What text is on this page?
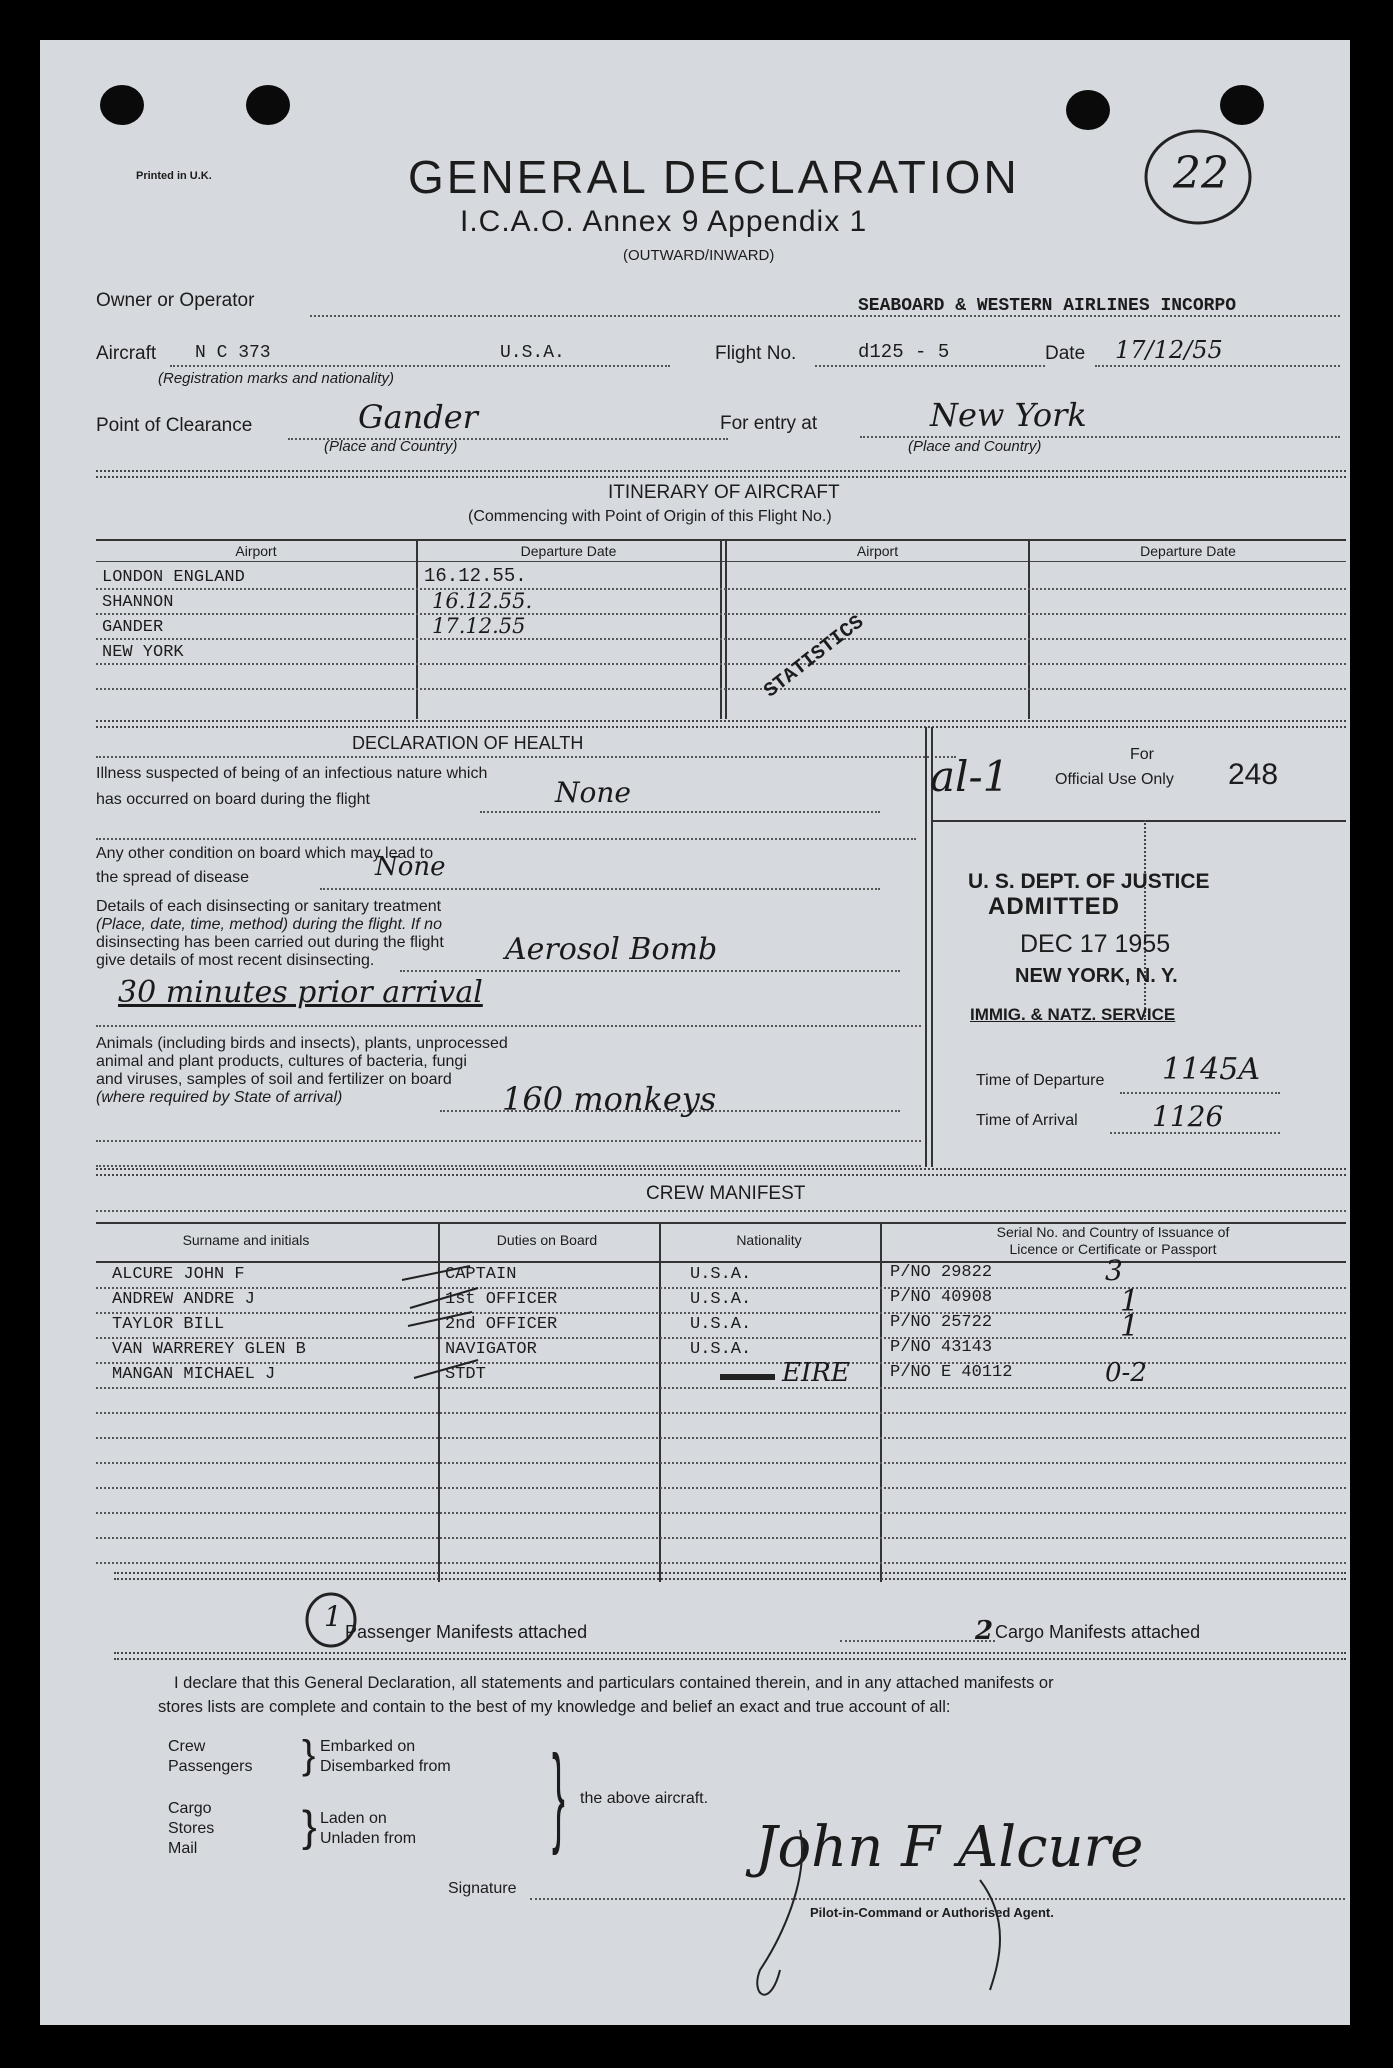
Printed in U.K.	GENERAL DECLARATION
I.C.A.O. Annex 9 Appendix 1
(OUTWARD/INWARD)
22
Owner or Operator	SEABOARD & WESTERN AIRLINES INCORPO
Aircraft N C 373	U.S.A.
(Registration marks and nationality)
Flight No.	d125 - 5	Date 17/12/55
Point of Clearance	Gander
(Place and Country)
For entry at	New York
(Place and Country)
ITINERARY OF AIRCRAFT
(Commencing with Point of Origin of this Flight No.)
Airport	Departure Date	Airport	Departure Date
LONDON ENGLAND	16.12.55.
SHANNON	16.12.55.
GANDER	17.12.55
NEW YORK	STATISTICS
DECLARATION OF HEALTH
Illness suspected of being of an infectious nature which
has occurred on board during the flight	None
Any other condition on board which may lead to
the spread of disease	None
Details of each disinsecting or sanitary treatment
(Place, date, time, method) during the flight. If no
disinsecting has been carried out during the flight
give details of most recent disinsecting.	Aerosol Bomb
30 minutes prior arrival
Animals (including birds and insects), plants, unprocessed
animal and plant products, cultures of bacteria, fungi
and viruses, samples of soil and fertilizer on board
(where required by State of arrival)	160 monkeys
al-1	For
Official Use Only 248
U. S. DEPT. OF JUSTICE
ADMITTED
DEC 17 1955
NEW YORK, N. Y.
IMMIG. & NATZ. SERVICE
Time of Departure 1145A
Time of Arrival	1126
CREW MANIFEST
Surname and initials	Duties on Board	Nationality	Serial No. and Country of Issuance of
Licence or Certificate or Passport
ALCURE JOHN F	CAPTAIN	U.S.A.	P/NO 29822	3
ANDREW ANDRE J	1st OFFICER	U.S.A.	P/NO 40908	1
TAYLOR BILL	2nd OFFICER	U.S.A.	P/NO 25722	1
VAN WARREREY GLEN B	NAVIGATOR	U.S.A.	P/NO 43143
MANGAN MICHAEL J	STDT	EIRE P/NO E 40112	0-2
1 Passenger Manifests attached	2 Cargo Manifests attached
I declare that this General Declaration, all statements and particulars contained therein, and in any attached manifests or
stores lists are complete and contain to the best of my knowledge and belief an exact and true account of all:
Crew
Passengers } Embarked on
Disembarked from
Cargo
Stores
Mail } Laden on
Unladen from } the above aircraft.
Signature
John F Alcure
Pilot-in-Command or Authorised Agent.
